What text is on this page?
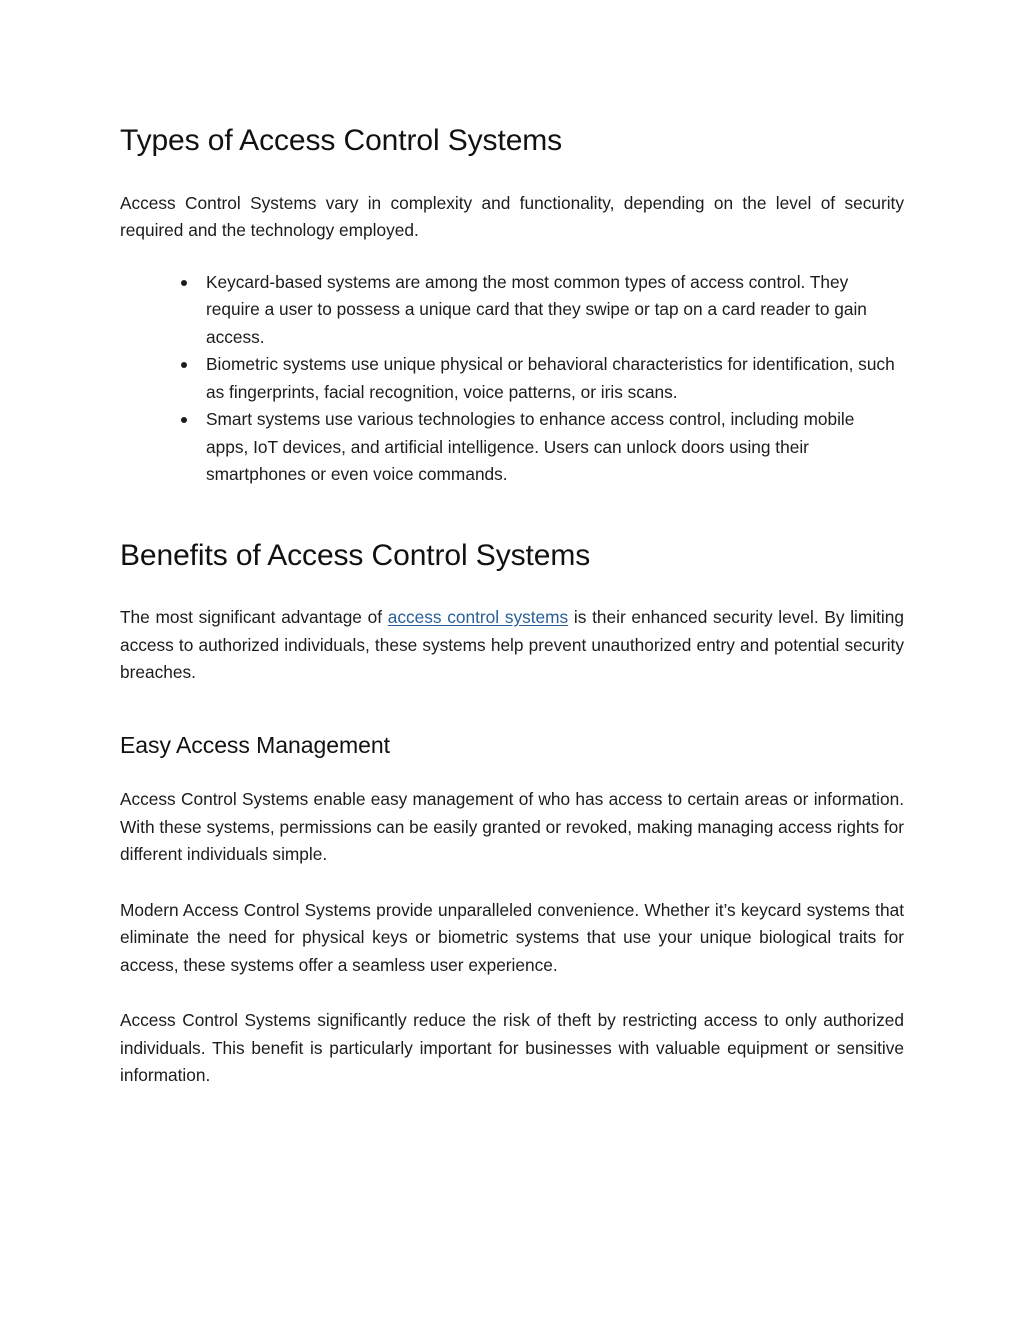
Types of Access Control Systems

Access Control Systems vary in complexity and functionality, depending on the level of security required and the technology employed.

Keycard-based systems are among the most common types of access control. They require a user to possess a unique card that they swipe or tap on a card reader to gain access.
Biometric systems use unique physical or behavioral characteristics for identification, such as fingerprints, facial recognition, voice patterns, or iris scans.
Smart systems use various technologies to enhance access control, including mobile apps, IoT devices, and artificial intelligence. Users can unlock doors using their smartphones or even voice commands.
Benefits of Access Control Systems

The most significant advantage of access control systems is their enhanced security level. By limiting access to authorized individuals, these systems help prevent unauthorized entry and potential security breaches.

Easy Access Management

Access Control Systems enable easy management of who has access to certain areas or information. With these systems, permissions can be easily granted or revoked, making managing access rights for different individuals simple.

Modern Access Control Systems provide unparalleled convenience. Whether it’s keycard systems that eliminate the need for physical keys or biometric systems that use your unique biological traits for access, these systems offer a seamless user experience.

Access Control Systems significantly reduce the risk of theft by restricting access to only authorized individuals. This benefit is particularly important for businesses with valuable equipment or sensitive information.
